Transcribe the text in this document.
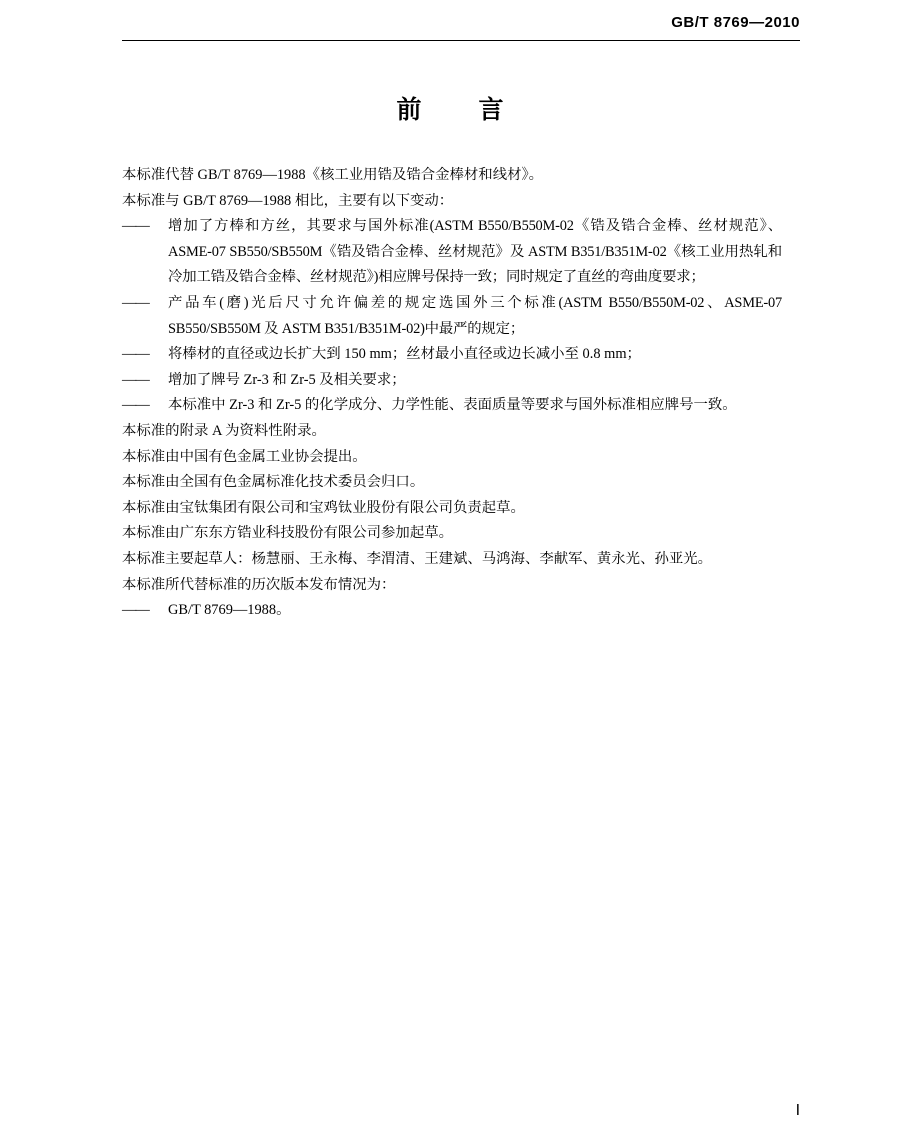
GB/T 8769—2010
前　言
本标准代替 GB/T 8769—1988《核工业用锆及锆合金棒材和线材》。
本标准与 GB/T 8769—1988 相比，主要有以下变动：
—— 增加了方棒和方丝，其要求与国外标准(ASTM B550/B550M-02《锆及锆合金棒、丝材规范》、ASME-07 SB550/SB550M《锆及锆合金棒、丝材规范》及 ASTM B351/B351M-02《核工业用热轧和冷加工锆及锆合金棒、丝材规范》)相应牌号保持一致；同时规定了直丝的弯曲度要求；
—— 产品车(磨)光后尺寸允许偏差的规定选国外三个标准(ASTM B550/B550M-02、ASME-07 SB550/SB550M 及 ASTM B351/B351M-02)中最严的规定；
—— 将棒材的直径或边长扩大到 150 mm；丝材最小直径或边长减小至 0.8 mm；
—— 增加了牌号 Zr-3 和 Zr-5 及相关要求；
—— 本标准中 Zr-3 和 Zr-5 的化学成分、力学性能、表面质量等要求与国外标准相应牌号一致。
本标准的附录 A 为资料性附录。
本标准由中国有色金属工业协会提出。
本标准由全国有色金属标准化技术委员会归口。
本标准由宝钛集团有限公司和宝鸡钛业股份有限公司负责起草。
本标准由广东东方锆业科技股份有限公司参加起草。
本标准主要起草人：杨慧丽、王永梅、李渭清、王建斌、马鸿海、李献军、黄永光、孙亚光。
本标准所代替标准的历次版本发布情况为：
—— GB/T 8769—1988。
Ⅰ
